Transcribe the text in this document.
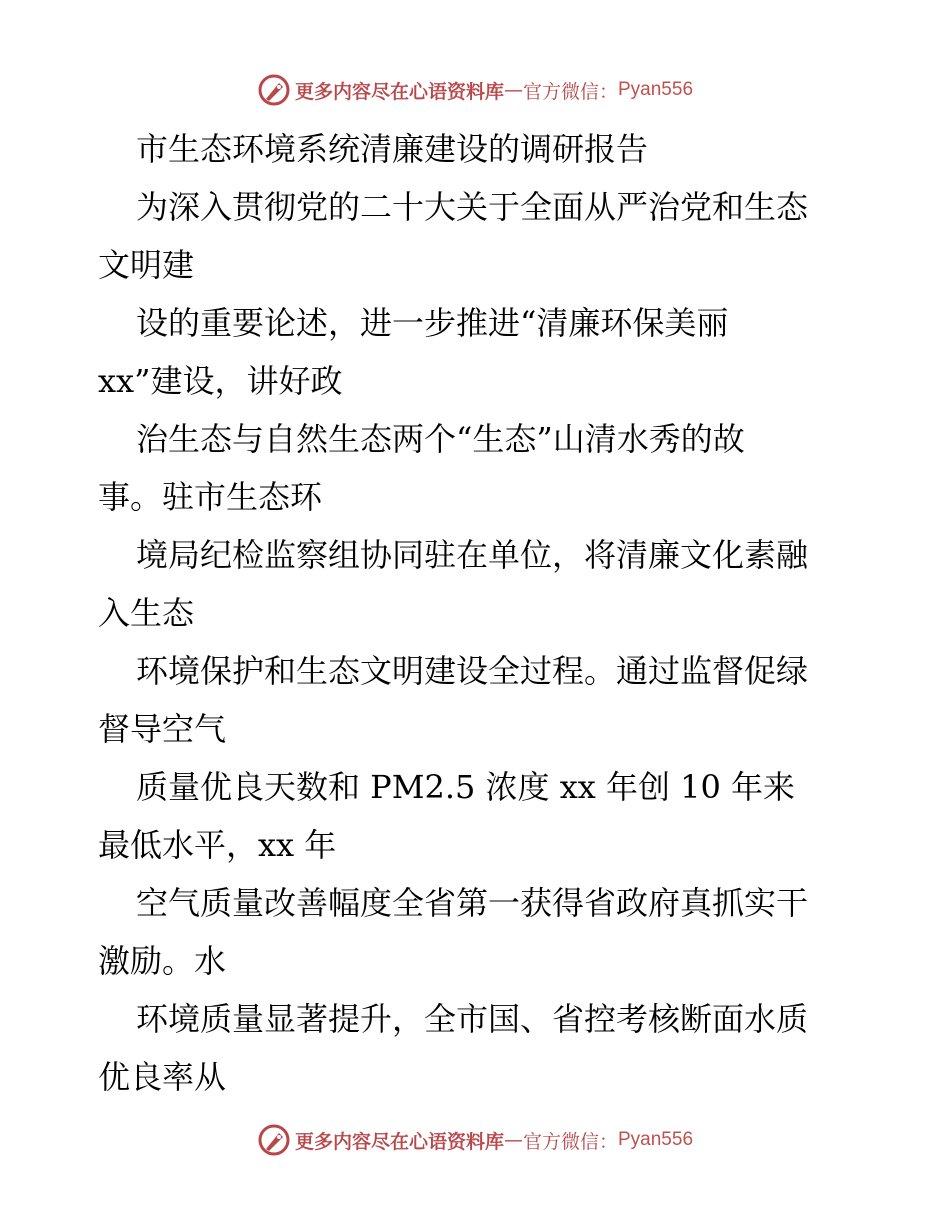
更多内容尽在心语资料库 — 官方微信： Pyan556
市生态环境系统清廉建设的调研报告
为深入贯彻党的二十大关于全面从严治党和生态
文明建
设的重要论述，进一步推进“清廉环保美丽
xx”建设，讲好政
治生态与自然生态两个“生态”山清水秀的故
事。驻市生态环
境局纪检监察组协同驻在单位，将清廉文化素融
入生态
环境保护和生态文明建设全过程。通过监督促绿
督导空气
质量优良天数和 PM2.5 浓度 xx 年创 10 年来
最低水平，xx 年
空气质量改善幅度全省第一获得省政府真抓实干
激励。水
环境质量显著提升，全市国、省控考核断面水质
优良率从
更多内容尽在心语资料库 — 官方微信： Pyan556
